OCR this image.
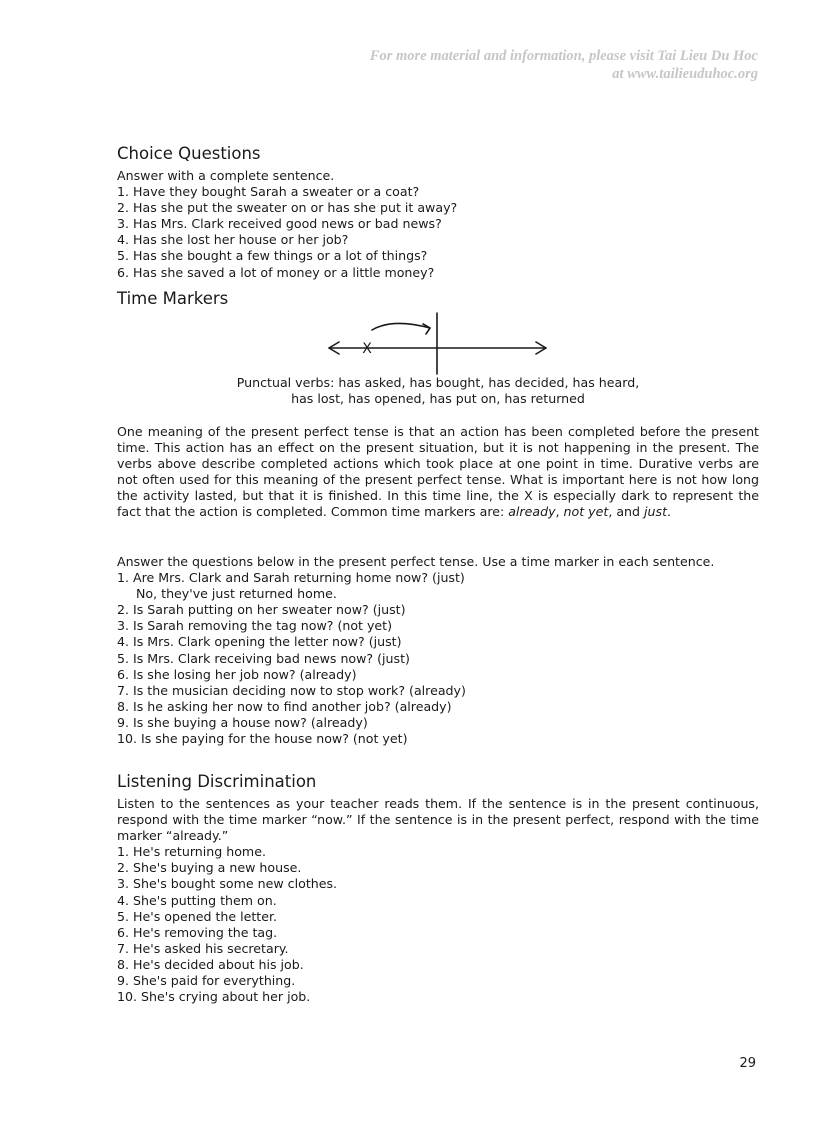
For more material and information, please visit Tai Lieu Du Hoc
at www.tailieuduhoc.org
Choice Questions
Answer with a complete sentence.
1. Have they bought Sarah a sweater or a coat?
2. Has she put the sweater on or has she put it away?
3. Has Mrs. Clark received good news or bad news?
4. Has she lost her house or her job?
5. Has she bought a few things or a lot of things?
6. Has she saved a lot of money or a little money?
Time Markers
X
Punctual verbs: has asked, has bought, has decided, has heard,
has lost, has opened, has put on, has returned

One meaning of the present perfect tense is that an action has been completed before the present time. This action has an effect on the present situation, but it is not happening in the present. The verbs above describe completed actions which took place at one point in time. Durative verbs are not often used for this meaning of the present perfect tense. What is important here is not how long the activity lasted, but that it is finished. In this time line, the X is especially dark to represent the fact that the action is completed. Common time markers are: already, not yet, and just.

Answer the questions below in the present perfect tense. Use a time marker in each sentence.
1. Are Mrs. Clark and Sarah returning home now? (just)
No, they've just returned home.
2. Is Sarah putting on her sweater now? (just)
3. Is Sarah removing the tag now? (not yet)
4. Is Mrs. Clark opening the letter now? (just)
5. Is Mrs. Clark receiving bad news now? (just)
6. Is she losing her job now? (already)
7. Is the musician deciding now to stop work? (already)
8. Is he asking her now to find another job? (already)
9. Is she buying a house now? (already)
10. Is she paying for the house now? (not yet)
Listening Discrimination
Listen to the sentences as your teacher reads them. If the sentence is in the present continuous, respond with the time marker “now.” If the sentence is in the present perfect, respond with the time marker “already.”
1. He's returning home.
2. She's buying a new house.
3. She's bought some new clothes.
4. She's putting them on.
5. He's opened the letter.
6. He's removing the tag.
7. He's asked his secretary.
8. He's decided about his job.
9. She's paid for everything.
10. She's crying about her job.
29
